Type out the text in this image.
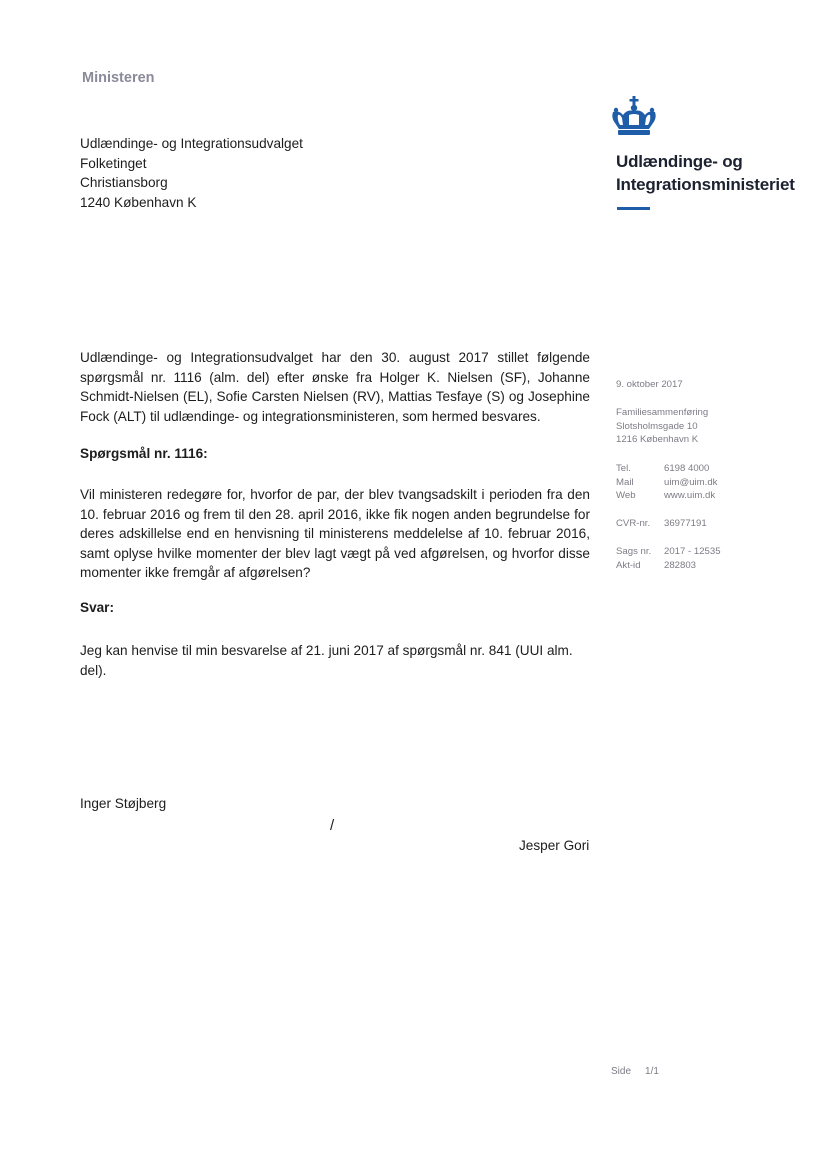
Ministeren
Udlændinge- og Integrationsudvalget
Folketinget
Christiansborg
1240 København K
Udlændinge- og
Integrationsministeriet
Udlændinge- og Integrationsudvalget har den 30. august 2017 stillet følgende spørgsmål nr. 1116 (alm. del) efter ønske fra Holger K. Nielsen (SF), Johanne Schmidt-Nielsen (EL), Sofie Carsten Nielsen (RV), Mattias Tesfaye (S) og Josephine Fock (ALT) til udlændinge- og integrationsministeren, som hermed besvares.
Spørgsmål nr. 1116:
Vil ministeren redegøre for, hvorfor de par, der blev tvangsadskilt i perioden fra den 10. februar 2016 og frem til den 28. april 2016, ikke fik nogen anden begrundelse for deres adskillelse end en henvisning til ministerens meddelelse af 10. februar 2016, samt oplyse hvilke momenter der blev lagt vægt på ved afgørelsen, og hvorfor disse momenter ikke fremgår af afgørelsen?
Svar:
Jeg kan henvise til min besvarelse af 21. juni 2017 af spørgsmål nr. 841 (UUI alm. del).
Inger Støjberg
/
Jesper Gori
9. oktober 2017
Familiesammenføring
Slotsholmsgade 10
1216 København K
Tel.	6198 4000
Mail	uim@uim.dk
Web	www.uim.dk
CVR-nr.	36977191
Sags nr.	2017 - 12535
Akt-id	282803
Side 1/1
